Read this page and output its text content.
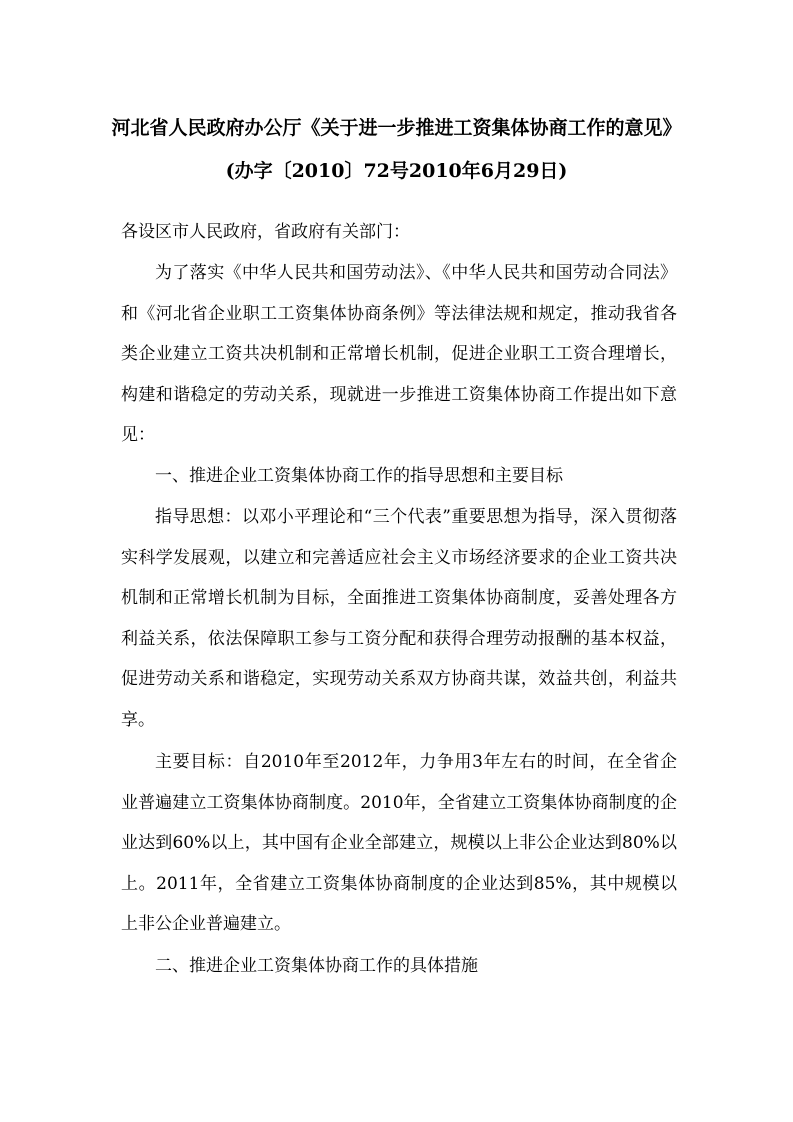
河北省人民政府办公厅《关于进一步推进工资集体协商工作的意见》
(办字〔2010〕72号2010年6月29日)
各设区市人民政府，省政府有关部门：

为了落实《中华人民共和国劳动法》、《中华人民共和国劳动合同法》和《河北省企业职工工资集体协商条例》等法律法规和规定，推动我省各类企业建立工资共决机制和正常增长机制，促进企业职工工资合理增长，构建和谐稳定的劳动关系，现就进一步推进工资集体协商工作提出如下意见：

一、推进企业工资集体协商工作的指导思想和主要目标

指导思想：以邓小平理论和“三个代表”重要思想为指导，深入贯彻落实科学发展观，以建立和完善适应社会主义市场经济要求的企业工资共决机制和正常增长机制为目标，全面推进工资集体协商制度，妥善处理各方利益关系，依法保障职工参与工资分配和获得合理劳动报酬的基本权益，促进劳动关系和谐稳定，实现劳动关系双方协商共谋，效益共创，利益共享。

主要目标：自2010年至2012年，力争用3年左右的时间，在全省企业普遍建立工资集体协商制度。2010年，全省建立工资集体协商制度的企业达到60%以上，其中国有企业全部建立，规模以上非公企业达到80%以上。2011年，全省建立工资集体协商制度的企业达到85%，其中规模以上非公企业普遍建立。

二、推进企业工资集体协商工作的具体措施
